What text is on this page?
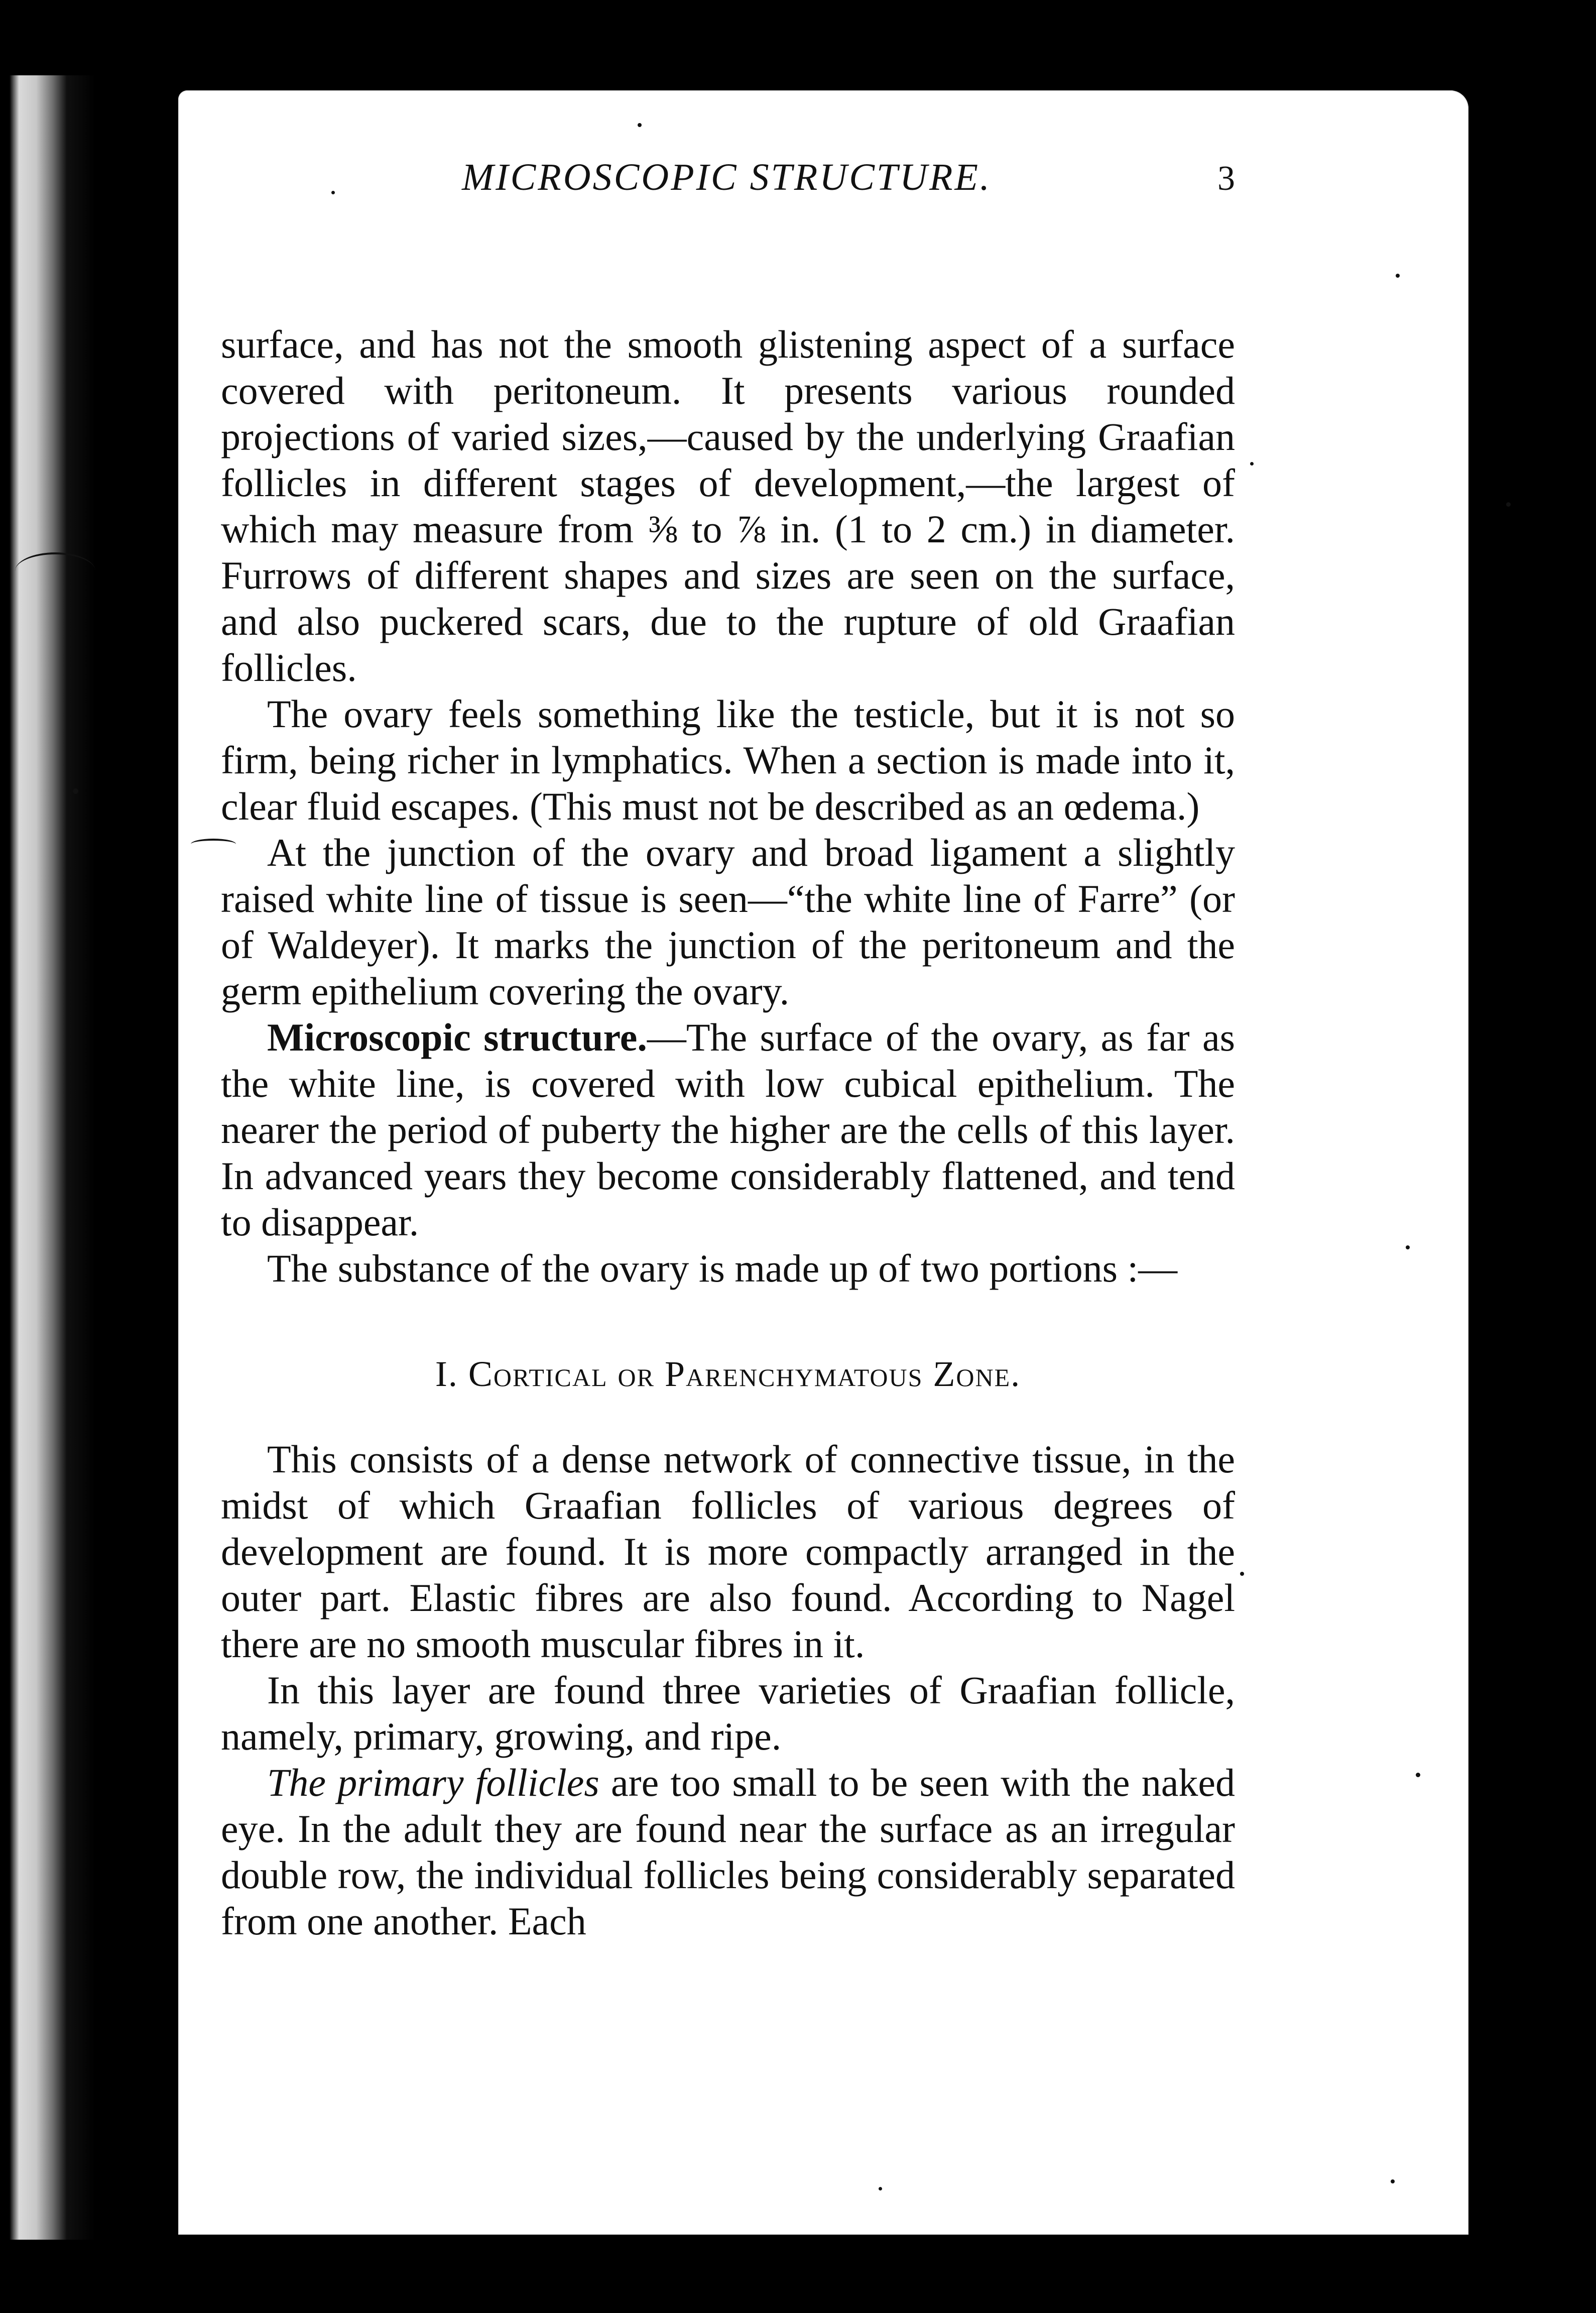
MICROSCOPIC STRUCTURE.	3

surface, and has not the smooth glistening aspect of a surface covered with peritoneum. It presents various rounded projections of varied sizes,—caused by the underlying Graafian follicles in different stages of development,—the largest of which may measure from ⅜ to ⅞ in. (1 to 2 cm.) in diameter. Furrows of different shapes and sizes are seen on the surface, and also puckered scars, due to the rupture of old Graafian follicles.

The ovary feels something like the testicle, but it is not so firm, being richer in lymphatics. When a section is made into it, clear fluid escapes. (This must not be described as an œdema.)

At the junction of the ovary and broad ligament a slightly raised white line of tissue is seen—“the white line of Farre” (or of Waldeyer). It marks the junction of the peritoneum and the germ epithelium covering the ovary.

Microscopic structure.—The surface of the ovary, as far as the white line, is covered with low cubical epithelium. The nearer the period of puberty the higher are the cells of this layer. In advanced years they become considerably flattened, and tend to disappear.

The substance of the ovary is made up of two portions :—

I. Cortical or Parenchymatous Zone.

This consists of a dense network of connective tissue, in the midst of which Graafian follicles of various degrees of development are found. It is more compactly arranged in the outer part. Elastic fibres are also found. According to Nagel there are no smooth muscular fibres in it.

In this layer are found three varieties of Graafian follicle, namely, primary, growing, and ripe.

The primary follicles are too small to be seen with the naked eye. In the adult they are found near the surface as an irregular double row, the individual follicles being considerably separated from one another. Each
